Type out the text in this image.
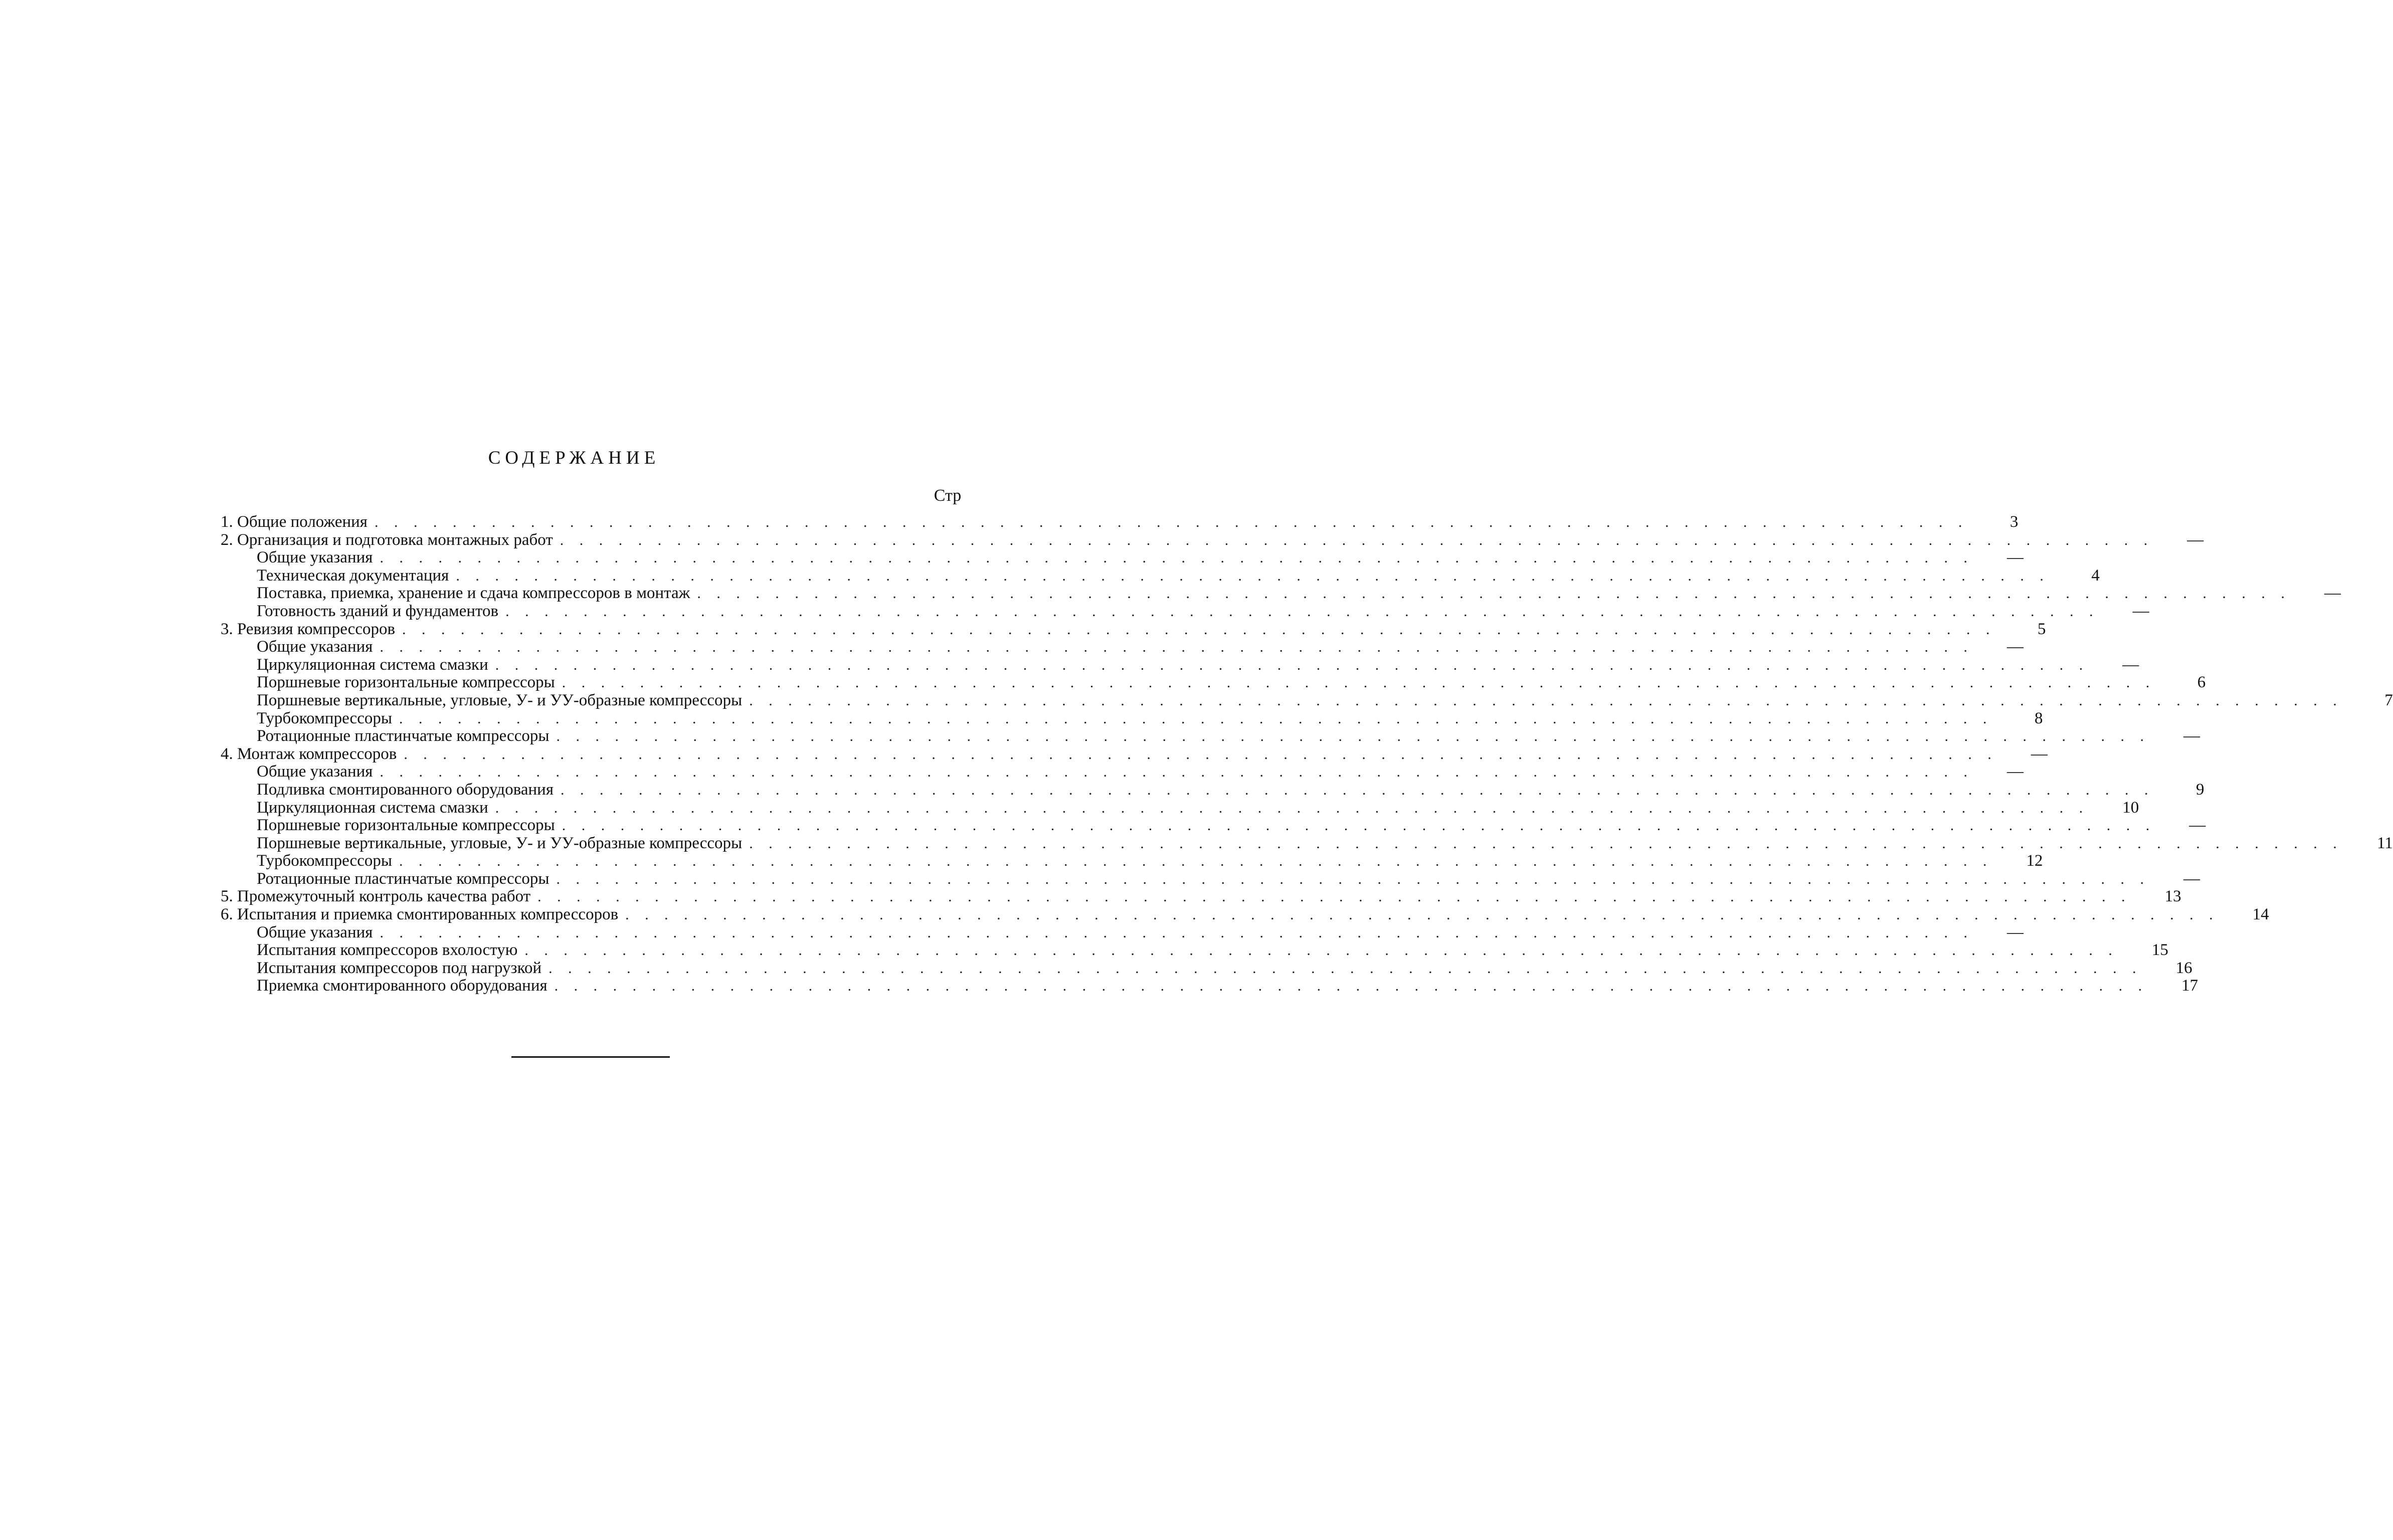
СОДЕРЖАНИЕ
Стр
1. Общие положения . . . . . . . . . . . . . . . . . . . . . . . . . . . . . . . . . . . . . . . . . . . . . . . . . . . . . . . . . . . . . . . . . . . . . . . . . . . . . . . . . .	3
2. Организация и подготовка монтажных работ . . . . . . . . . . . . . . . . . . . . . . . . . . . . . . . . . . . . . . . . . . . . . . . . . . . . . . . . . . . . . . . . . . . . . . . . . . . . . . . . . .	—
Общие указания . . . . . . . . . . . . . . . . . . . . . . . . . . . . . . . . . . . . . . . . . . . . . . . . . . . . . . . . . . . . . . . . . . . . . . . . . . . . . . . . . .	—
Техническая документация . . . . . . . . . . . . . . . . . . . . . . . . . . . . . . . . . . . . . . . . . . . . . . . . . . . . . . . . . . . . . . . . . . . . . . . . . . . . . . . . . .	4
Поставка, приемка, хранение и сдача компрессоров в монтаж . . . . . . . . . . . . . . . . . . . . . . . . . . . . . . . . . . . . . . . . . . . . . . . . . . . . . . . . . . . . . . . . . . . . . . . . . . . . . . . . . .	—
Готовность зданий и фундаментов . . . . . . . . . . . . . . . . . . . . . . . . . . . . . . . . . . . . . . . . . . . . . . . . . . . . . . . . . . . . . . . . . . . . . . . . . . . . . . . . . .	—
3. Ревизия компрессоров . . . . . . . . . . . . . . . . . . . . . . . . . . . . . . . . . . . . . . . . . . . . . . . . . . . . . . . . . . . . . . . . . . . . . . . . . . . . . . . . . .	5
Общие указания . . . . . . . . . . . . . . . . . . . . . . . . . . . . . . . . . . . . . . . . . . . . . . . . . . . . . . . . . . . . . . . . . . . . . . . . . . . . . . . . . .	—
Циркуляционная система смазки . . . . . . . . . . . . . . . . . . . . . . . . . . . . . . . . . . . . . . . . . . . . . . . . . . . . . . . . . . . . . . . . . . . . . . . . . . . . . . . . . .	—
Поршневые горизонтальные компрессоры . . . . . . . . . . . . . . . . . . . . . . . . . . . . . . . . . . . . . . . . . . . . . . . . . . . . . . . . . . . . . . . . . . . . . . . . . . . . . . . . . .	6
Поршневые вертикальные, угловые, У- и УУ-образные компрессоры . . . . . . . . . . . . . . . . . . . . . . . . . . . . . . . . . . . . . . . . . . . . . . . . . . . . . . . . . . . . . . . . . . . . . . . . . . . . . . . . . .	7
Турбокомпрессоры . . . . . . . . . . . . . . . . . . . . . . . . . . . . . . . . . . . . . . . . . . . . . . . . . . . . . . . . . . . . . . . . . . . . . . . . . . . . . . . . . .	8
Ротационные пластинчатые компрессоры . . . . . . . . . . . . . . . . . . . . . . . . . . . . . . . . . . . . . . . . . . . . . . . . . . . . . . . . . . . . . . . . . . . . . . . . . . . . . . . . . .	—
4. Монтаж компрессоров . . . . . . . . . . . . . . . . . . . . . . . . . . . . . . . . . . . . . . . . . . . . . . . . . . . . . . . . . . . . . . . . . . . . . . . . . . . . . . . . . .	—
Общие указания . . . . . . . . . . . . . . . . . . . . . . . . . . . . . . . . . . . . . . . . . . . . . . . . . . . . . . . . . . . . . . . . . . . . . . . . . . . . . . . . . .	—
Подливка смонтированного оборудования . . . . . . . . . . . . . . . . . . . . . . . . . . . . . . . . . . . . . . . . . . . . . . . . . . . . . . . . . . . . . . . . . . . . . . . . . . . . . . . . . .	9
Циркуляционная система смазки . . . . . . . . . . . . . . . . . . . . . . . . . . . . . . . . . . . . . . . . . . . . . . . . . . . . . . . . . . . . . . . . . . . . . . . . . . . . . . . . . .	10
Поршневые горизонтальные компрессоры . . . . . . . . . . . . . . . . . . . . . . . . . . . . . . . . . . . . . . . . . . . . . . . . . . . . . . . . . . . . . . . . . . . . . . . . . . . . . . . . . .	—
Поршневые вертикальные, угловые, У- и УУ-образные компрессоры . . . . . . . . . . . . . . . . . . . . . . . . . . . . . . . . . . . . . . . . . . . . . . . . . . . . . . . . . . . . . . . . . . . . . . . . . . . . . . . . . .	11
Турбокомпрессоры . . . . . . . . . . . . . . . . . . . . . . . . . . . . . . . . . . . . . . . . . . . . . . . . . . . . . . . . . . . . . . . . . . . . . . . . . . . . . . . . . .	12
Ротационные пластинчатые компрессоры . . . . . . . . . . . . . . . . . . . . . . . . . . . . . . . . . . . . . . . . . . . . . . . . . . . . . . . . . . . . . . . . . . . . . . . . . . . . . . . . . .	—
5. Промежуточный контроль качества работ . . . . . . . . . . . . . . . . . . . . . . . . . . . . . . . . . . . . . . . . . . . . . . . . . . . . . . . . . . . . . . . . . . . . . . . . . . . . . . . . . .	13
6. Испытания и приемка смонтированных компрессоров . . . . . . . . . . . . . . . . . . . . . . . . . . . . . . . . . . . . . . . . . . . . . . . . . . . . . . . . . . . . . . . . . . . . . . . . . . . . . . . . . .	14
Общие указания . . . . . . . . . . . . . . . . . . . . . . . . . . . . . . . . . . . . . . . . . . . . . . . . . . . . . . . . . . . . . . . . . . . . . . . . . . . . . . . . . .	—
Испытания компрессоров вхолостую . . . . . . . . . . . . . . . . . . . . . . . . . . . . . . . . . . . . . . . . . . . . . . . . . . . . . . . . . . . . . . . . . . . . . . . . . . . . . . . . . .	15
Испытания компрессоров под нагрузкой . . . . . . . . . . . . . . . . . . . . . . . . . . . . . . . . . . . . . . . . . . . . . . . . . . . . . . . . . . . . . . . . . . . . . . . . . . . . . . . . . .	16
Приемка смонтированного оборудования . . . . . . . . . . . . . . . . . . . . . . . . . . . . . . . . . . . . . . . . . . . . . . . . . . . . . . . . . . . . . . . . . . . . . . . . . . . . . . . . . .	17
